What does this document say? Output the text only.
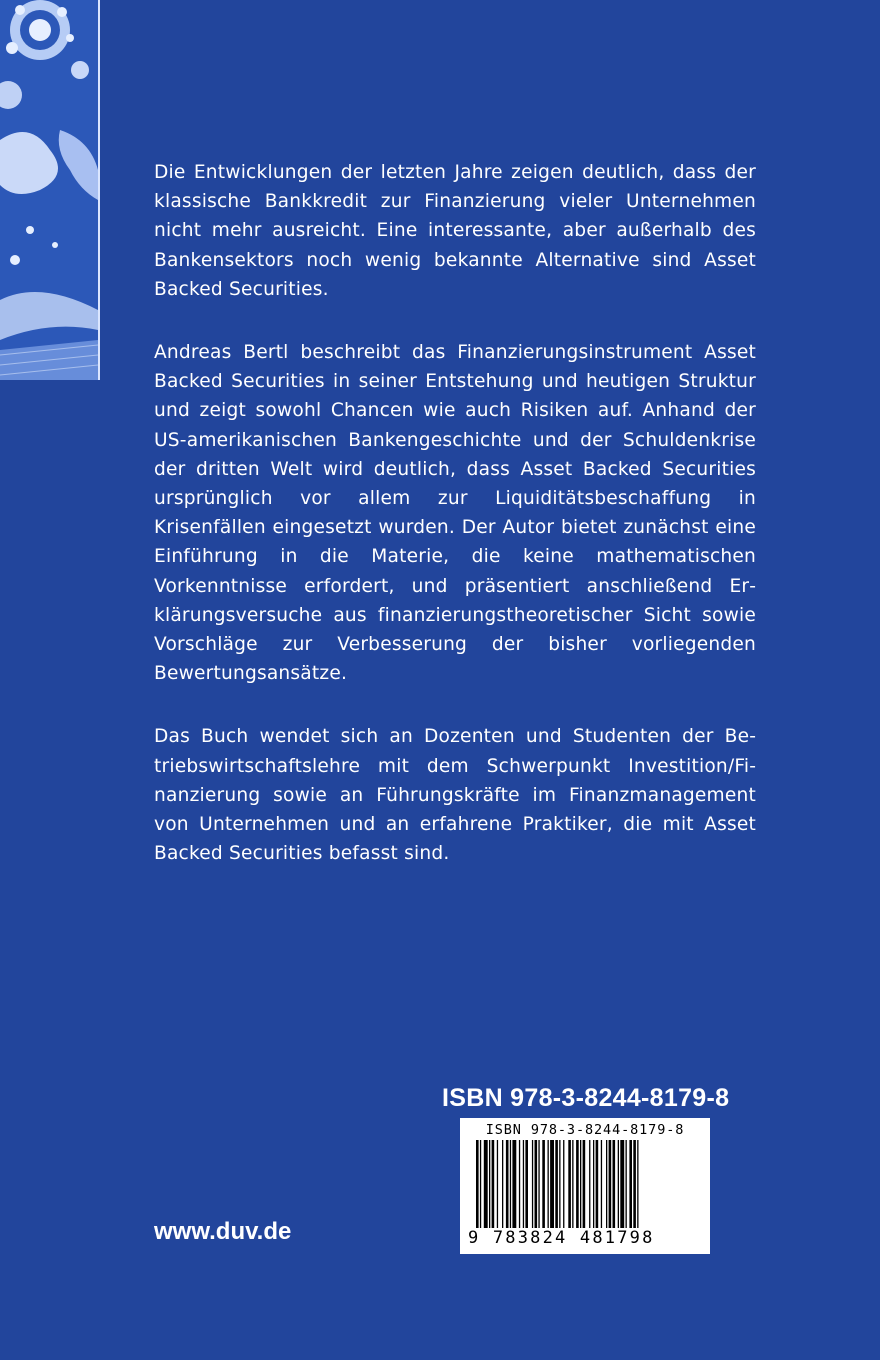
Die Entwicklungen der letzten Jahre zeigen deutlich, dass der klassische Bankkredit zur Finanzierung vieler Unternehmen nicht mehr ausreicht. Eine interessante, aber außerhalb des Bankensektors noch wenig bekannte Alternative sind Asset Backed Securities.

Andreas Bertl beschreibt das Finanzierungsinstrument Asset Backed Securities in seiner Entstehung und heutigen Struktur und zeigt sowohl Chancen wie auch Risiken auf. Anhand der US-amerikanischen Bankengeschichte und der Schuldenkrise der dritten Welt wird deutlich, dass Asset Backed Securities ursprünglich vor allem zur Liquiditätsbeschaffung in Krisenfällen eingesetzt wurden. Der Autor bietet zunächst eine Einführung in die Materie, die keine mathematischen Vorkenntnisse erfordert, und präsentiert anschließend Erklärungsversuche aus finanzierungstheoretischer Sicht sowie Vorschläge zur Verbesserung der bisher vorliegenden Bewertungsansätze.

Das Buch wendet sich an Dozenten und Studenten der Betriebswirtschaftslehre mit dem Schwerpunkt Investition/Finanzierung sowie an Führungskräfte im Finanzmanagement von Unternehmen und an erfahrene Praktiker, die mit Asset Backed Securities befasst sind.

ISBN 978-3-8244-8179-8
ISBN 978-3-8244-8179-8
9 783824 481798
www.duv.de
